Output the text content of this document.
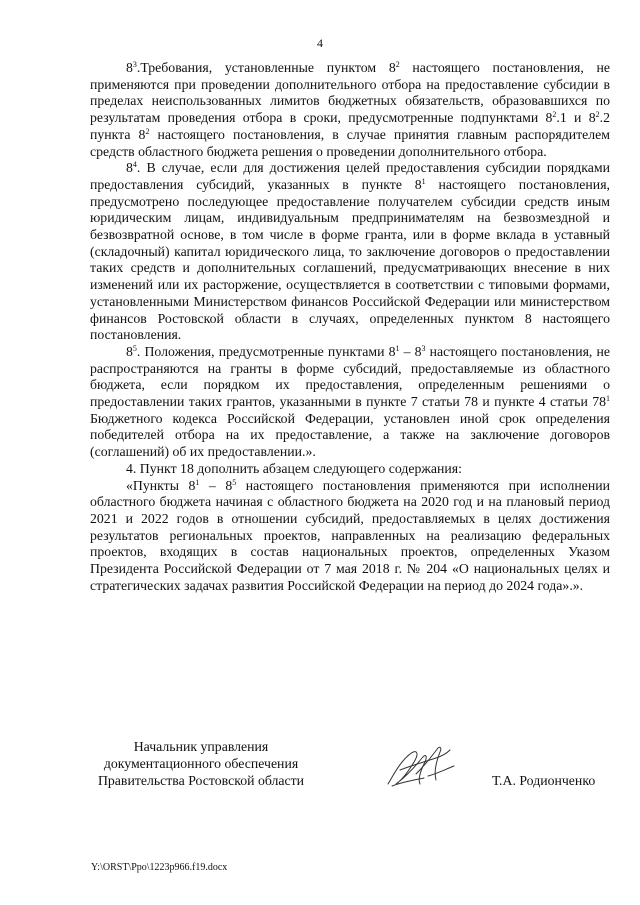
4

$8^3.Требования$, установленные пунктом $8^2$ настоящего постановления, не применяются при проведении дополнительного отбора на предоставление субсидии в пределах неиспользованных лимитов бюджетных обязательств, образовавшихся по результатам проведения отбора в сроки, предусмотренные подпунктами $8^2.1$ и $8^2.2$ пункта $8^2$ настоящего постановления, в случае принятия главным распорядителем средств областного бюджета решения о проведении дополнительного отбора.

$8^4$. В случае, если для достижения целей предоставления субсидии порядками предоставления субсидий, указанных в пункте $8^1$ настоящего постановления, предусмотрено последующее предоставление получателем субсидии средств иным юридическим лицам, индивидуальным предпринимателям на безвозмездной и безвозвратной основе, в том числе в форме гранта, или в форме вклада в уставный (складочный) капитал юридического лица, то заключение договоров о предоставлении таких средств и дополнительных соглашений, предусматривающих внесение в них изменений или их расторжение, осуществляется в соответствии с типовыми формами, установленными Министерством финансов Российской Федерации или министерством финансов Ростовской области в случаях, определенных пунктом 8 настоящего постановления.

$8^5$. Положения, предусмотренные пунктами $8^1 - 8^3$ настоящего постановления, не распространяются на гранты в форме субсидий, предоставляемые из областного бюджета, если порядком их предоставления, определенным решениями о предоставлении таких грантов, указанными в пункте 7 статьи 78 и пункте 4 статьи $78^1$ Бюджетного кодекса Российской Федерации, установлен иной срок определения победителей отбора на их предоставление, а также на заключение договоров (соглашений) об их предоставлении.».

4. Пункт 18 дополнить абзацем следующего содержания:

«Пункты $8^1 - 8^5$ настоящего постановления применяются при исполнении областного бюджета начиная с областного бюджета на 2020 год и на плановый период 2021 и 2022 годов в отношении субсидий, предоставляемых в целях достижения результатов региональных проектов, направленных на реализацию федеральных проектов, входящих в состав национальных проектов, определенных Указом Президента Российской Федерации от 7 мая 2018 г. № 204 «О национальных целях и стратегических задачах развития Российской Федерации на период до 2024 года».».

Начальник управления
документационного обеспечения
Правительства Ростовской области	Т.А. Родионченко
Y:\ORST\Ppo\1223p966.f19.docx
